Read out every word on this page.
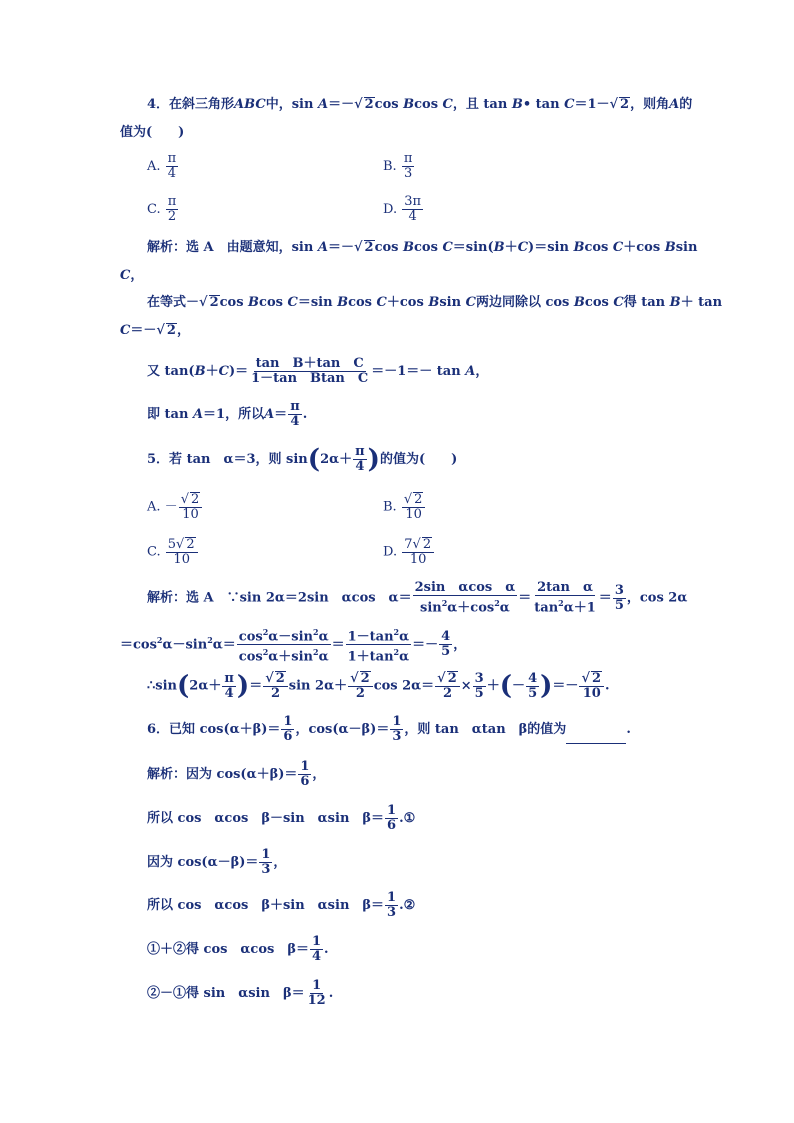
4．在斜三角形ABC中，sin A＝－√ 2cos Bcos C，且 tan B• tan C＝1－√ 2，则角A的
值为(　　)
A. $\frac{\pi}{4}$	B. $\frac{\pi}{3}$
C. $\frac{\pi}{2}$	D. $\frac{3\pi}{4}$
解析：选 A　由题意知，sin A＝－√ 2cos Bcos C＝sin(B＋C)＝sin Bcos C＋cos Bsin
C，
在等式－√ 2cos Bcos C＝sin Bcos C＋cos Bsin C两边同除以 cos Bcos C得 tan B＋ tan
C＝－√ 2，
又 $\tan(B+C)= \frac{\text{tan　B＋tan　C}}{\text{1－tan　Btan　C}} =-1=- \tan A$，
即 tan A＝1，所以$A= \frac{\pi}{4}$ .
5．若 tan　α＝3，则 $\sin(2\alpha+ \frac{\pi}{4}$ )的值为(　　)
A. － $\frac{√ 2}{10}$	B. $\frac{√ 2}{10}$
C. $\frac{5√ 2}{10}$	D. $\frac{7√ 2}{10}$
解析：选 A　∵sin 2α＝2sin　αcos　$\alpha= \frac{\text{2sin　αcos　α}}{\sin^2\alpha+\cos^2\alpha} = \frac{\text{2tan　α}}{\tan^2\alpha+1} = \frac{3}{5}$ ，cos 2α
$=\cos^2\alpha-\sin^2\alpha= \frac{\cos^2\alpha-\sin^2\alpha}{\cos^2\alpha+\sin^2\alpha} = \frac{1-\tan^2\alpha}{1+\tan^2\alpha} =- \frac{4}{5}$ ，
∴sin(2α＋ $\frac{\pi}{4}$ )＝ $\frac{√ 2}{2}$ $\sin 2\alpha+ \frac{√ 2}{2}$ $\cos 2\alpha= \frac{√ 2}{2} \times \frac{3}{5}$ ＋(－ $\frac{4}{5}$ )＝－ $\frac{√ 2}{10}$ .
6．已知 $\cos(\alpha+\beta)= \frac{1}{6}$ ，$\cos(\alpha-\beta)= \frac{1}{3}$ ，则 tan　αtan　β的值为	.
解析：因为 $\cos(\alpha+\beta)= \frac{1}{6}$ ，
所以 cos　αcos　β－sin　αsin　$\beta= \frac{1}{6}$ .①
因为 $\cos(\alpha-\beta)= \frac{1}{3}$ ，
所以 cos　αcos　β＋sin　αsin　$\beta= \frac{1}{3}$ .②
①＋②得 cos　αcos　$\beta= \frac{1}{4}$ .
②－①得 sin　αsin　$\beta= \frac{1}{12}$ .
